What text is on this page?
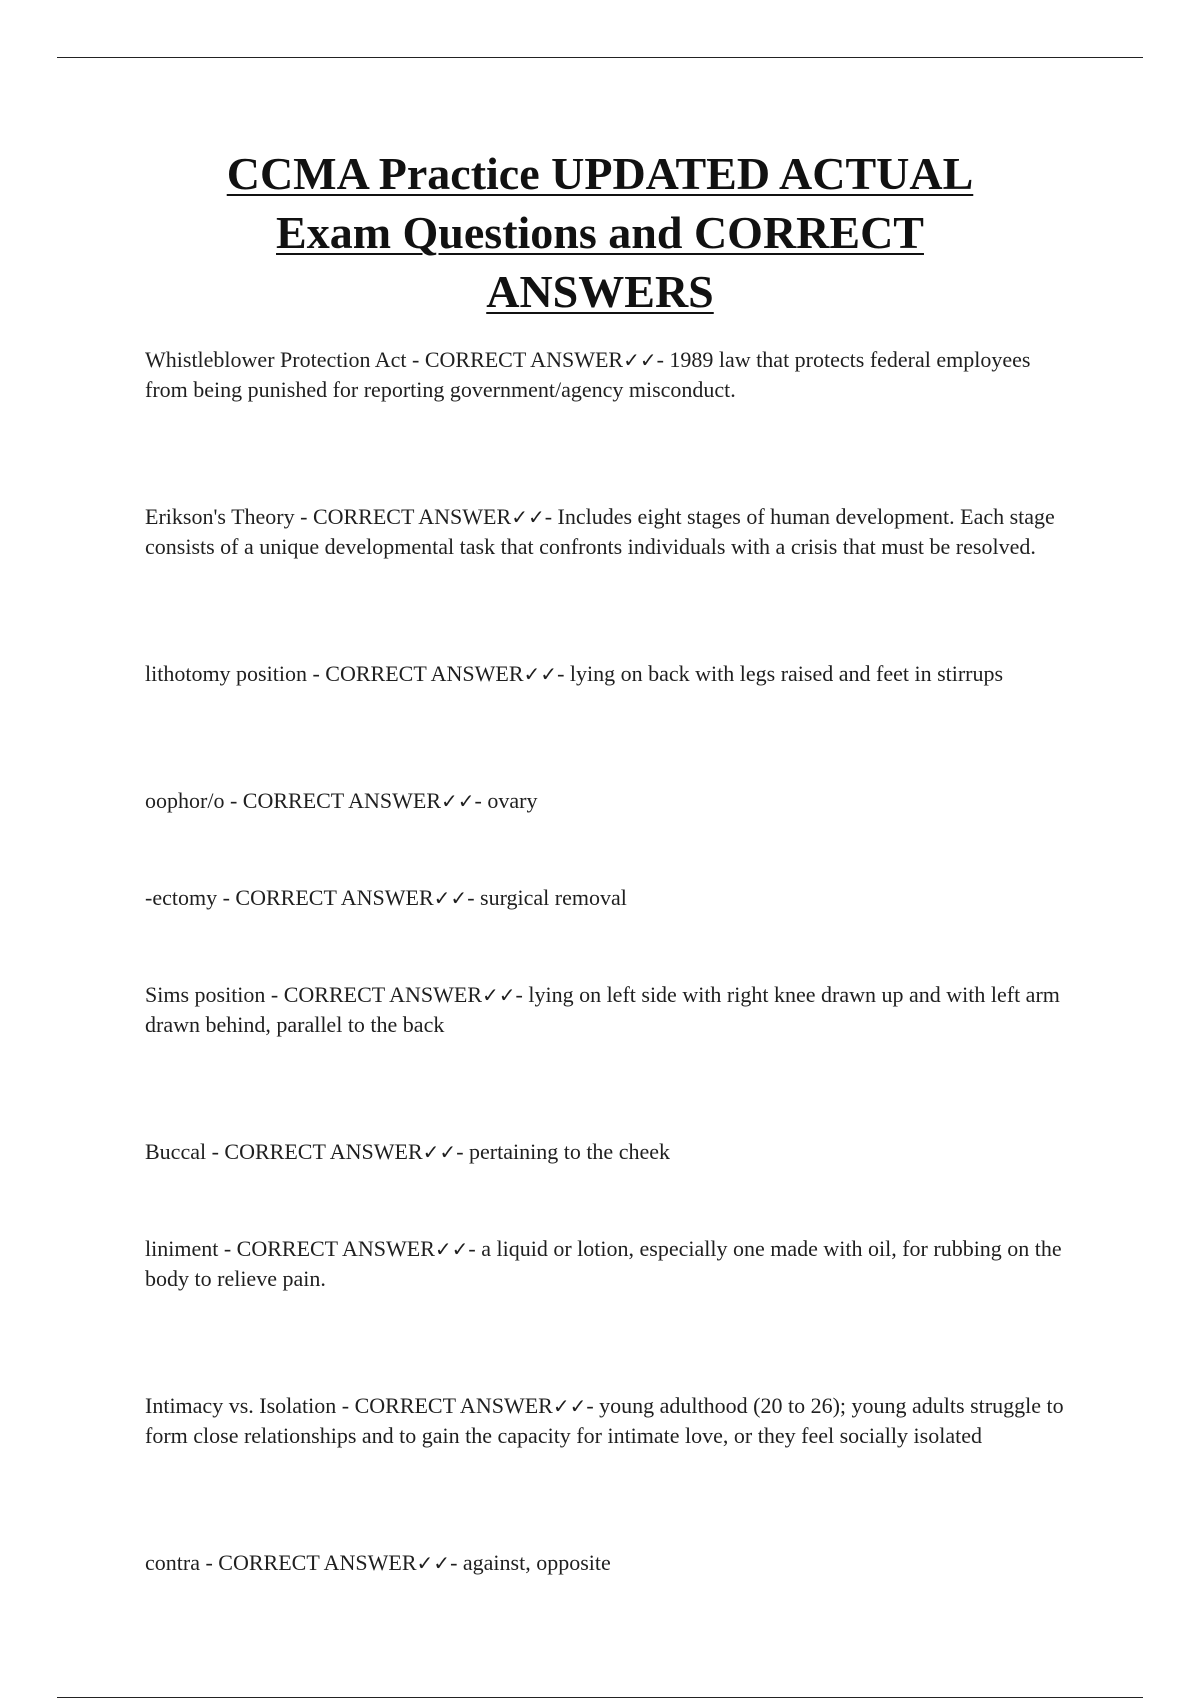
CCMA Practice UPDATED ACTUAL
Exam Questions and CORRECT
ANSWERS

Whistleblower Protection Act - CORRECT ANSWER✓✓- 1989 law that protects federal employees from being punished for reporting government/agency misconduct.

Erikson's Theory - CORRECT ANSWER✓✓- Includes eight stages of human development. Each stage consists of a unique developmental task that confronts individuals with a crisis that must be resolved.

lithotomy position - CORRECT ANSWER✓✓- lying on back with legs raised and feet in stirrups

oophor/o - CORRECT ANSWER✓✓- ovary

-ectomy - CORRECT ANSWER✓✓- surgical removal

Sims position - CORRECT ANSWER✓✓- lying on left side with right knee drawn up and with left arm drawn behind, parallel to the back

Buccal - CORRECT ANSWER✓✓- pertaining to the cheek

liniment - CORRECT ANSWER✓✓- a liquid or lotion, especially one made with oil, for rubbing on the body to relieve pain.

Intimacy vs. Isolation - CORRECT ANSWER✓✓- young adulthood (20 to 26); young adults struggle to form close relationships and to gain the capacity for intimate love, or they feel socially isolated

contra - CORRECT ANSWER✓✓- against, opposite
